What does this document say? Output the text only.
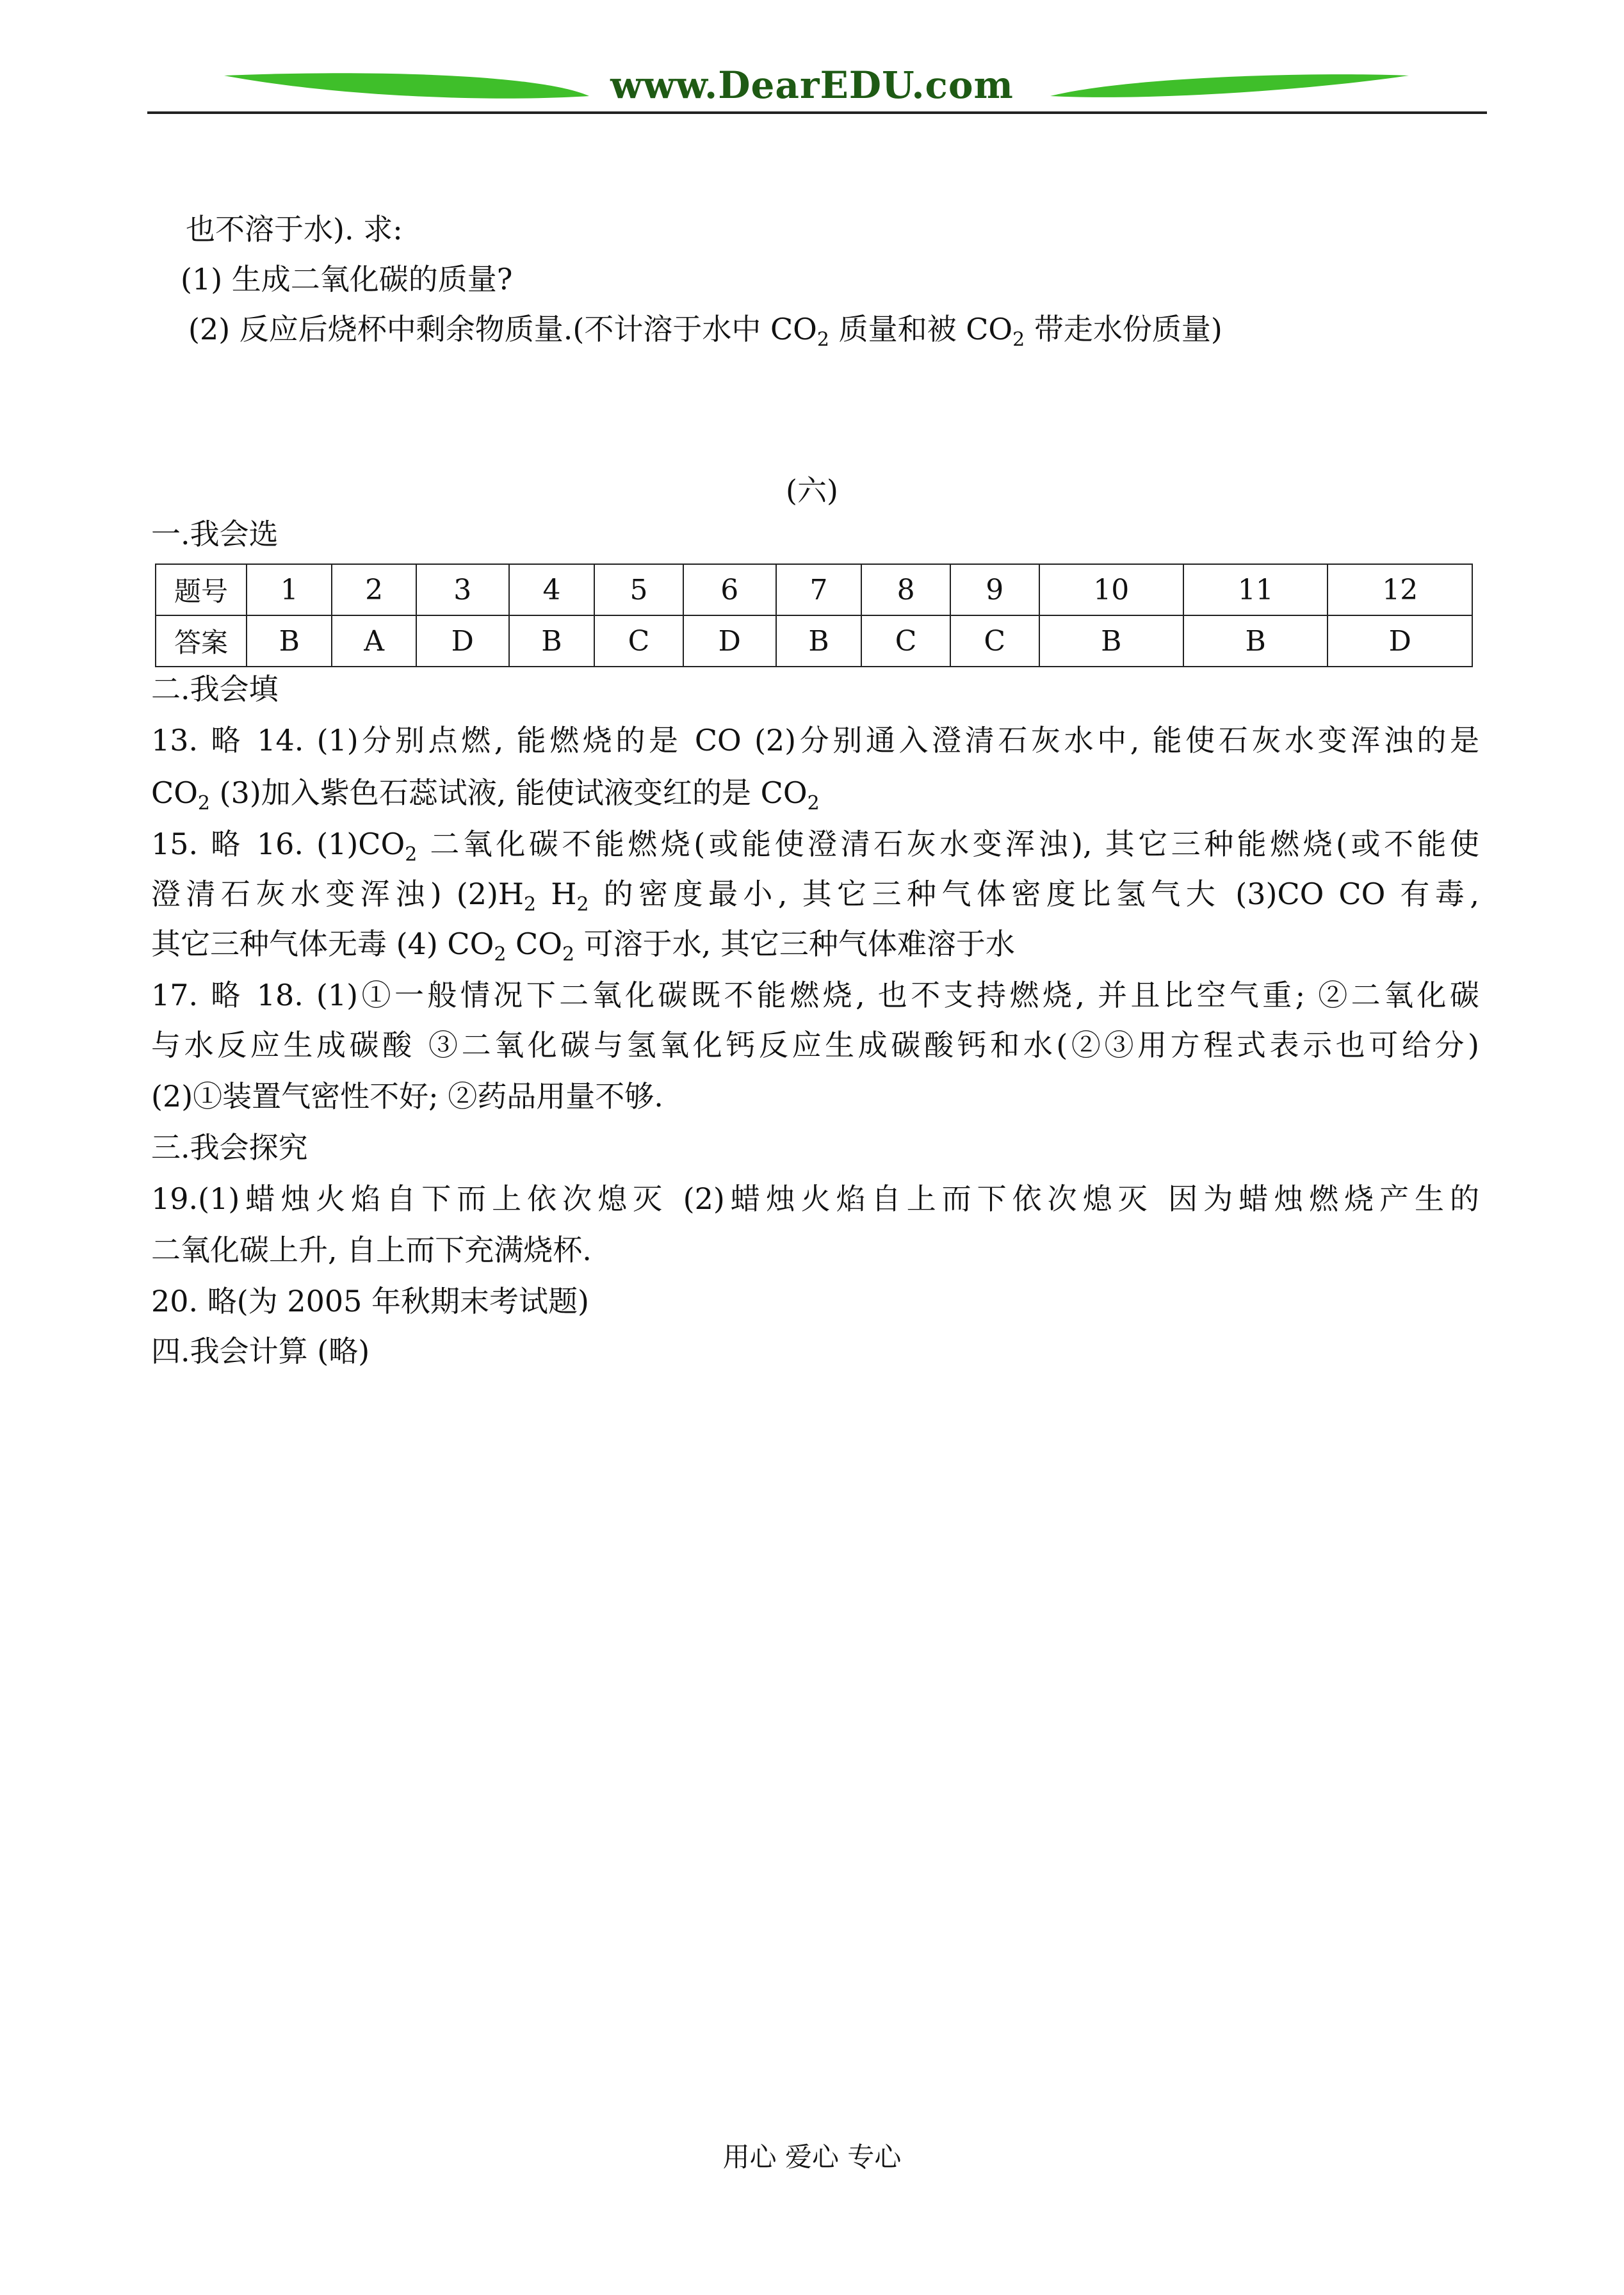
www.DearEDU.com
也不溶于水). 求:
(1) 生成二氧化碳的质量?
(2) 反应后烧杯中剩余物质量.(不计溶于水中 $CO_2$ 质量和被 $CO_2$ 带走水份质量)
(六)
一.我会选
题号	1	2	3	4	5	6	7	8	9	10	11	12
答案	B	A	D	B	C	D	B	C	C	B	B	D
二.我会填
13. 略 14. (1)分别点燃, 能燃烧的是 CO (2)分别通入澄清石灰水中, 能使石灰水变浑浊的是
$CO_2$ (3)加入紫色石蕊试液, 能使试液变红的是 $CO_2$
15. 略 16. $(1)CO_2$ 二氧化碳不能燃烧(或能使澄清石灰水变浑浊), 其它三种能燃烧(或不能使
澄清石灰水变浑浊) $(2)H_2$ $H_2$ 的密度最小, 其它三种气体密度比氢气大 (3)CO CO 有毒,
其它三种气体无毒 (4) $CO_2$ $CO_2$ 可溶于水, 其它三种气体难溶于水
17. 略 18. (1)①一般情况下二氧化碳既不能燃烧, 也不支持燃烧, 并且比空气重; ②二氧化碳
与水反应生成碳酸 ③二氧化碳与氢氧化钙反应生成碳酸钙和水(②③用方程式表示也可给分)
(2)①装置气密性不好; ②药品用量不够.
三.我会探究
19.(1)蜡烛火焰自下而上依次熄灭 (2)蜡烛火焰自上而下依次熄灭 因为蜡烛燃烧产生的
二氧化碳上升, 自上而下充满烧杯.
20. 略(为 2005 年秋期末考试题)
四.我会计算 (略)
用心 爱心 专心
